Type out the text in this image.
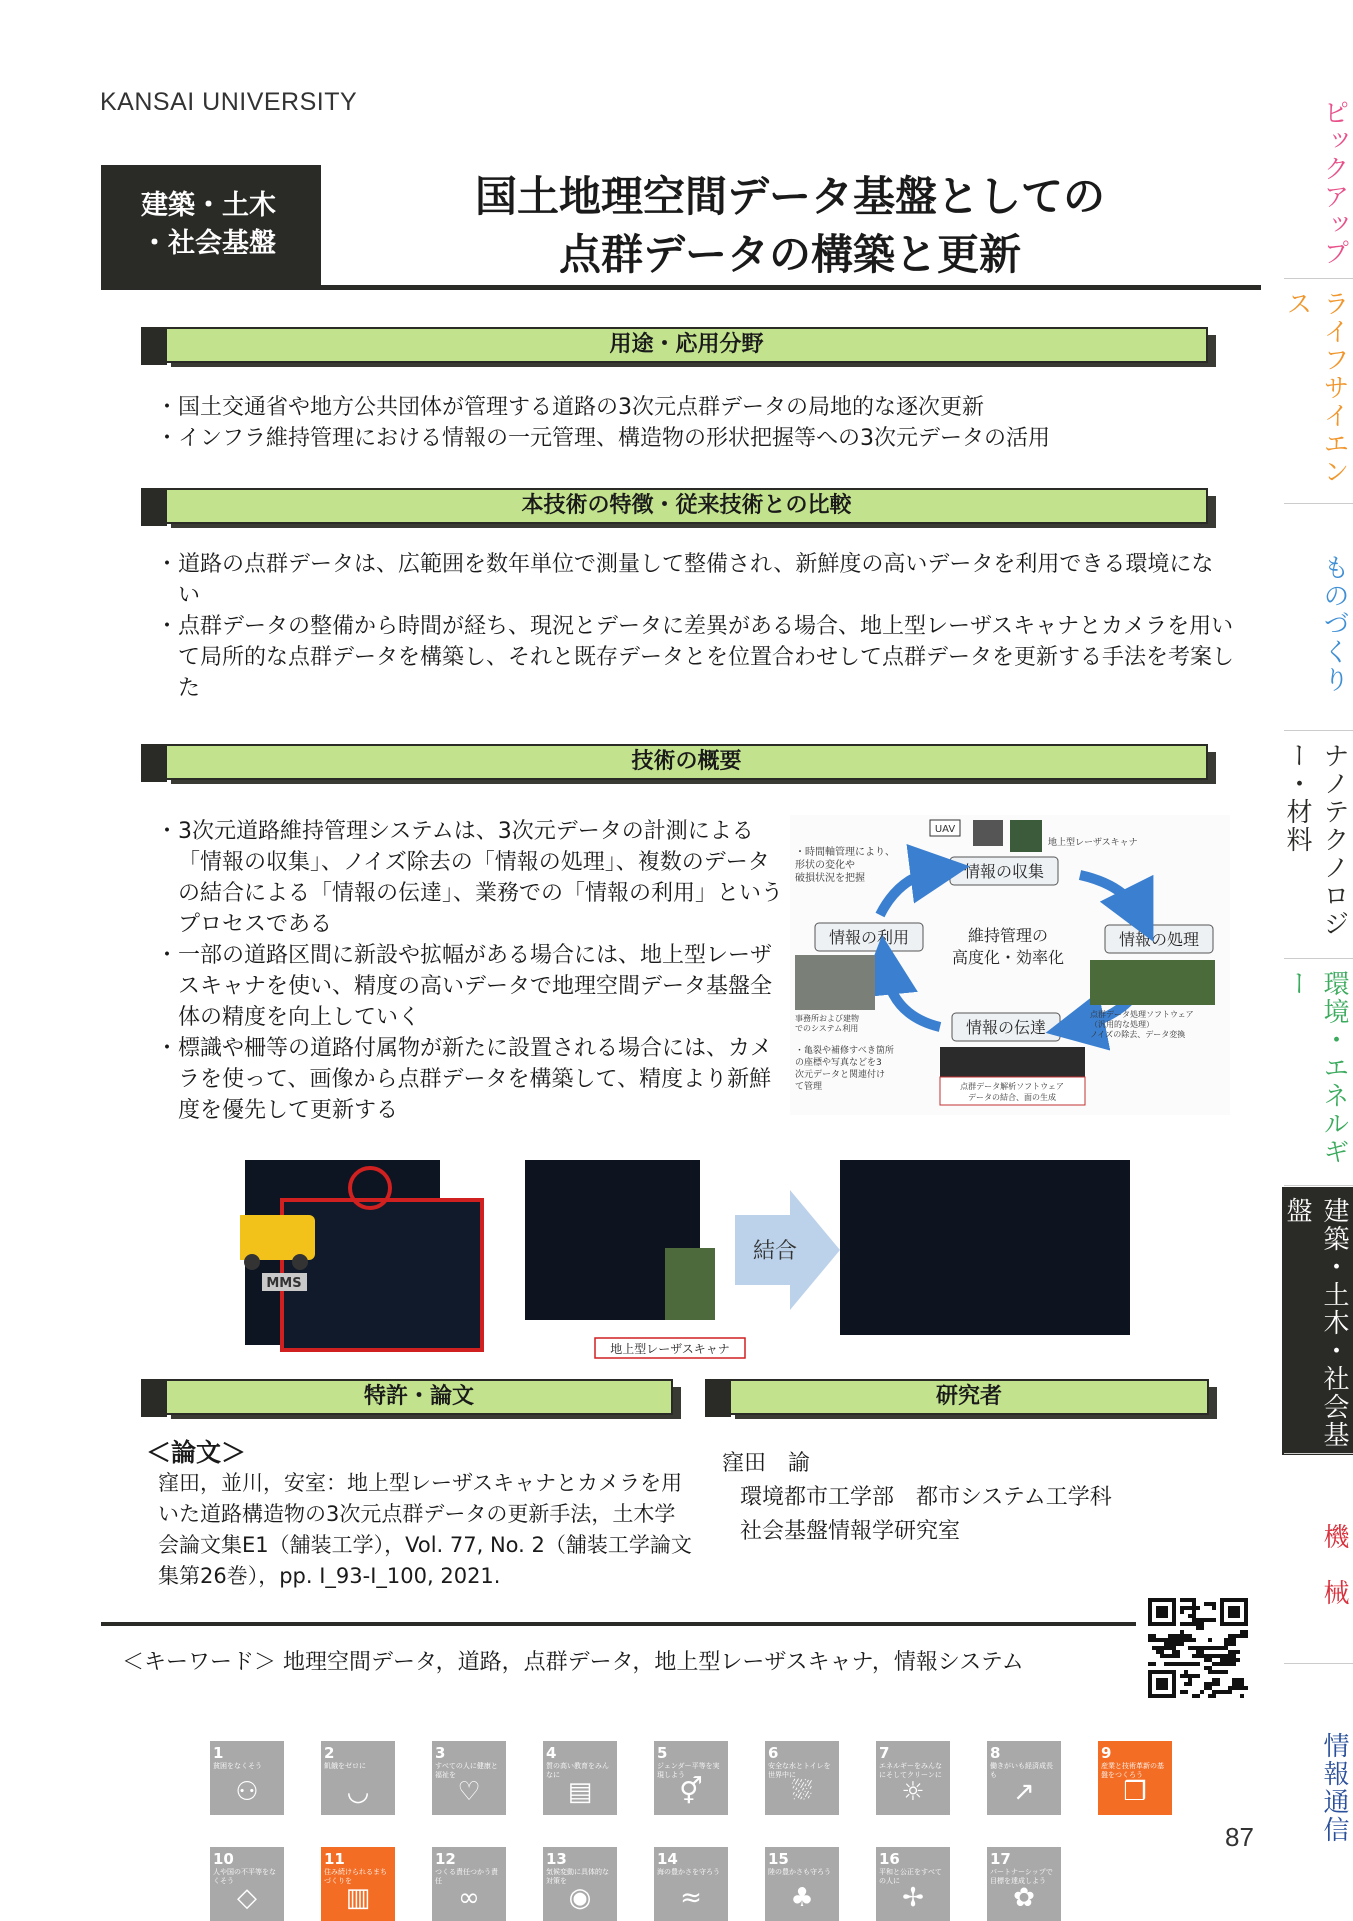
KANSAI UNIVERSITY
建築・土木
・社会基盤
国土地理空間データ基盤としての
点群データの構築と更新
用途・応用分野
・ 国土交通省や地方公共団体が管理する道路の3次元点群データの局地的な逐次更新
・ インフラ維持管理における情報の一元管理、構造物の形状把握等への3次元データの活用
本技術の特徴・従来技術との比較
・ 道路の点群データは、広範囲を数年単位で測量して整備され、新鮮度の高いデータを利用できる環境にない
・ 点群データの整備から時間が経ち、現況とデータに差異がある場合、地上型レーザスキャナとカメラを用いて局所的な点群データを構築し、それと既存データとを位置合わせして点群データを更新する手法を考案した
技術の概要
・ 3次元道路維持管理システムは、3次元データの計測による「情報の収集」、ノイズ除去の「情報の処理」、複数のデータの結合による「情報の伝達」、業務での「情報の利用」というプロセスである
・ 一部の道路区間に新設や拡幅がある場合には、地上型レーザスキャナを使い、精度の高いデータで地理空間データ基盤全体の精度を向上していく
・ 標識や柵等の道路付属物が新たに設置される場合には、カメラを使って、画像から点群データを構築して、精度より新鮮度を優先して更新する
UAV
地上型レーザスキャナ
・時間軸管理により、
形状の変化や
破損状況を把握	情報の収集
情報の利用	情報の処理
情報の伝達
維持管理の
高度化・効率化
事務所および建物
でのシステム利用
・亀裂や補修すべき箇所
の座標や写真などを3
次元データと関連付け
て管理
点群データ処理ソフトウェア
（汎用的な処理）
ノイズの除去、データ変換
点群データ解析ソフトウェア
データの結合、面の生成
MMS
地上型レーザスキャナ
結合
特許・論文	研究者
＜論文＞
窪田，並川，安室：地上型レーザスキャナとカメラを用いた道路構造物の3次元点群データの更新手法，土木学会論文集E1（舗装工学），Vol. 77, No. 2（舗装工学論文集第26巻），pp. I_93-I_100, 2021.
窪田　諭
環境都市工学部　都市システム工学科
社会基盤情報学研究室
＜キーワード＞ 地理空間データ，道路，点群データ，地上型レーザスキャナ，情報システム
1
貧困をなくそう
⚇
2
飢餓をゼロに
◡
3
すべての人に健康と福祉を
♡
4
質の高い教育をみんなに
▤
5
ジェンダー平等を実現しよう
⚥
6
安全な水とトイレを世界中に
⛆
7
エネルギーをみんなにそしてクリーンに
☼
8
働きがいも経済成長も
↗
9
産業と技術革新の基盤をつくろう
❒
10
人や国の不平等をなくそう
◇
11
住み続けられるまちづくりを
▥
12
つくる責任つかう責任
∞
13
気候変動に具体的な対策を
◉
14
海の豊かさを守ろう
≈
15
陸の豊かさも守ろう
♣
16
平和と公正をすべての人に
✢
17
パートナーシップで目標を達成しよう
✿
ピックアップ
ライフサイエンス
ものづくり
ナノテクノロジー・材料
環境・エネルギー
建築・土木・社会基盤
機　械
情報通信
87
